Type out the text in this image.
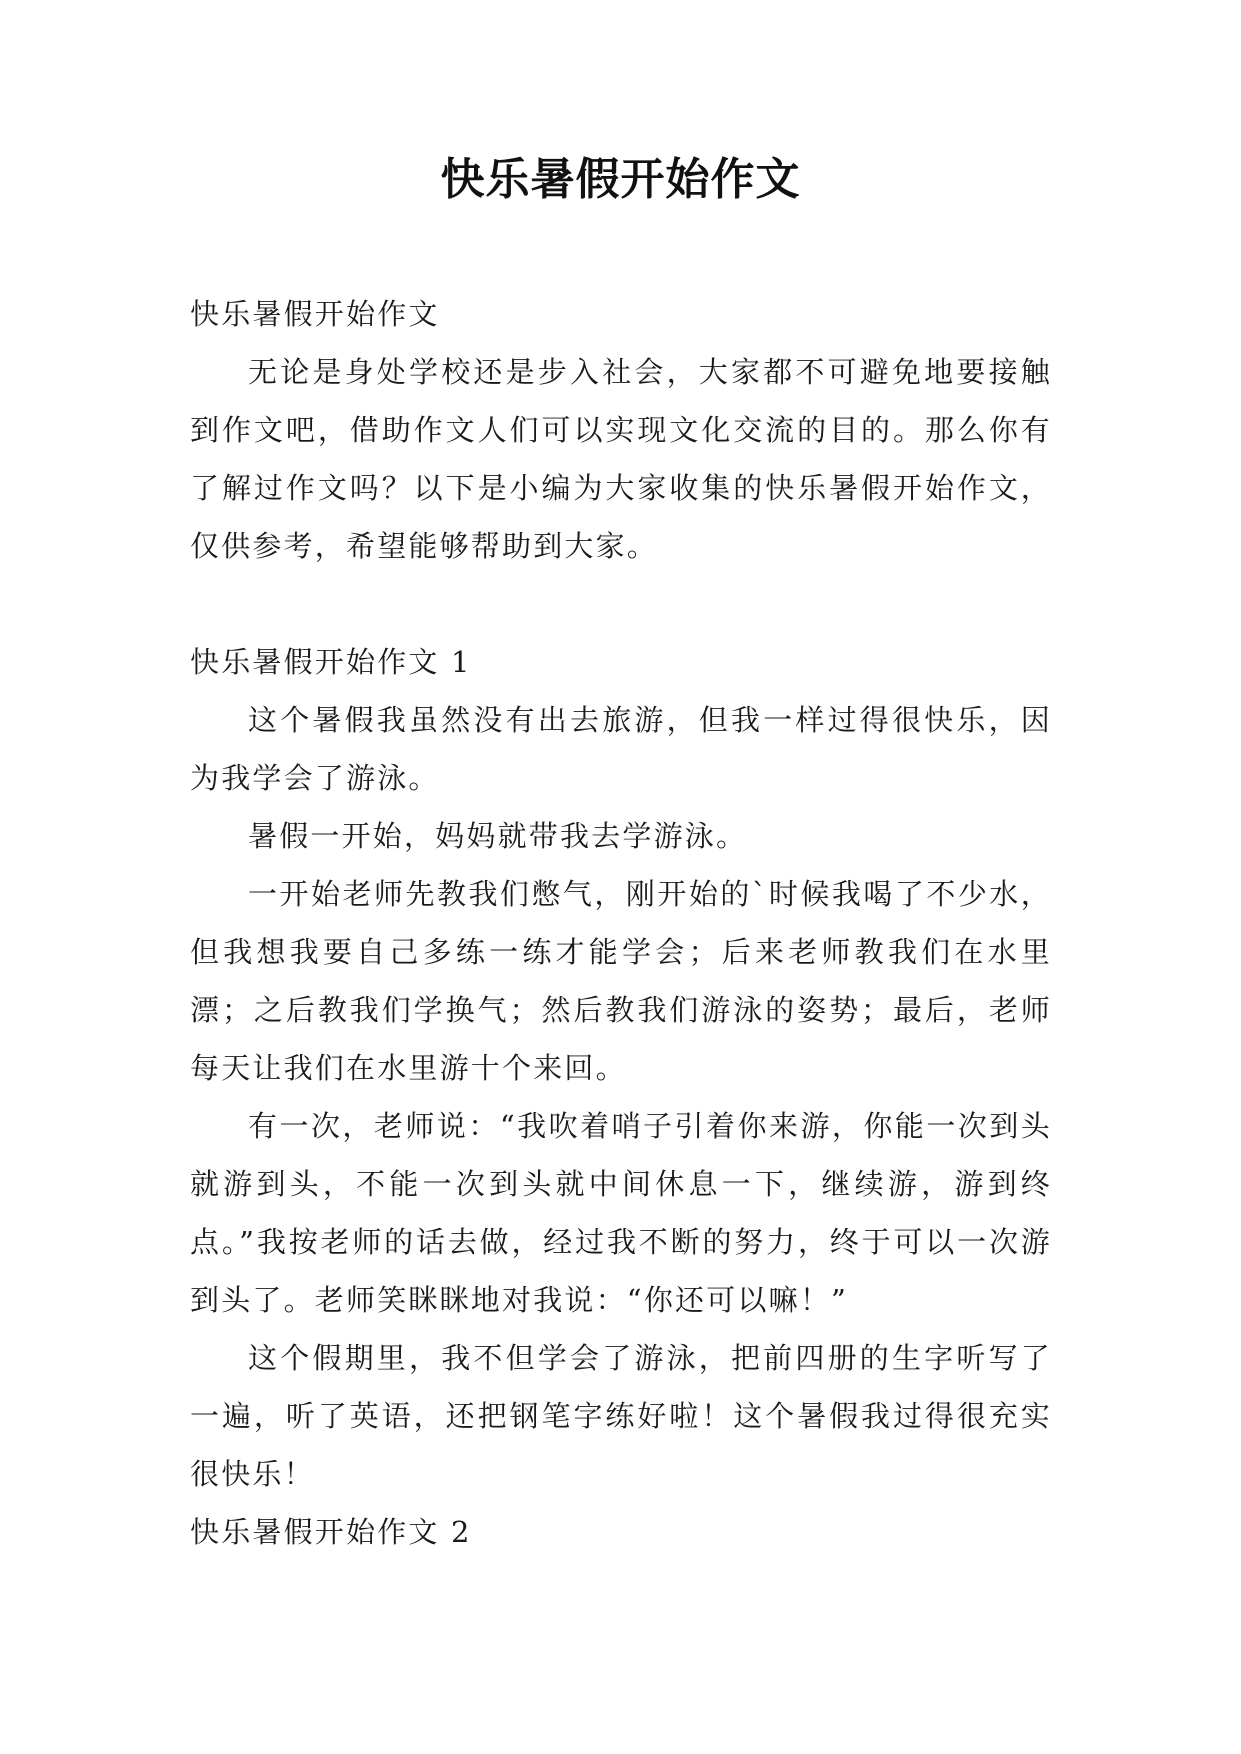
快乐暑假开始作文

快乐暑假开始作文

无论是身处学校还是步入社会，大家都不可避免地要接触到作文吧，借助作文人们可以实现文化交流的目的。那么你有了解过作文吗？以下是小编为大家收集的快乐暑假开始作文，仅供参考，希望能够帮助到大家。

快乐暑假开始作文 1

这个暑假我虽然没有出去旅游，但我一样过得很快乐，因为我学会了游泳。

暑假一开始，妈妈就带我去学游泳。

一开始老师先教我们憋气，刚开始的`时候我喝了不少水，但我想我要自己多练一练才能学会；后来老师教我们在水里漂；之后教我们学换气；然后教我们游泳的姿势；最后，老师每天让我们在水里游十个来回。

有一次，老师说：“我吹着哨子引着你来游，你能一次到头就游到头，不能一次到头就中间休息一下，继续游，游到终点。”我按老师的话去做，经过我不断的努力，终于可以一次游到头了。老师笑眯眯地对我说：“你还可以嘛！”

这个假期里，我不但学会了游泳，把前四册的生字听写了一遍，听了英语，还把钢笔字练好啦！这个暑假我过得很充实很快乐！

快乐暑假开始作文 2
